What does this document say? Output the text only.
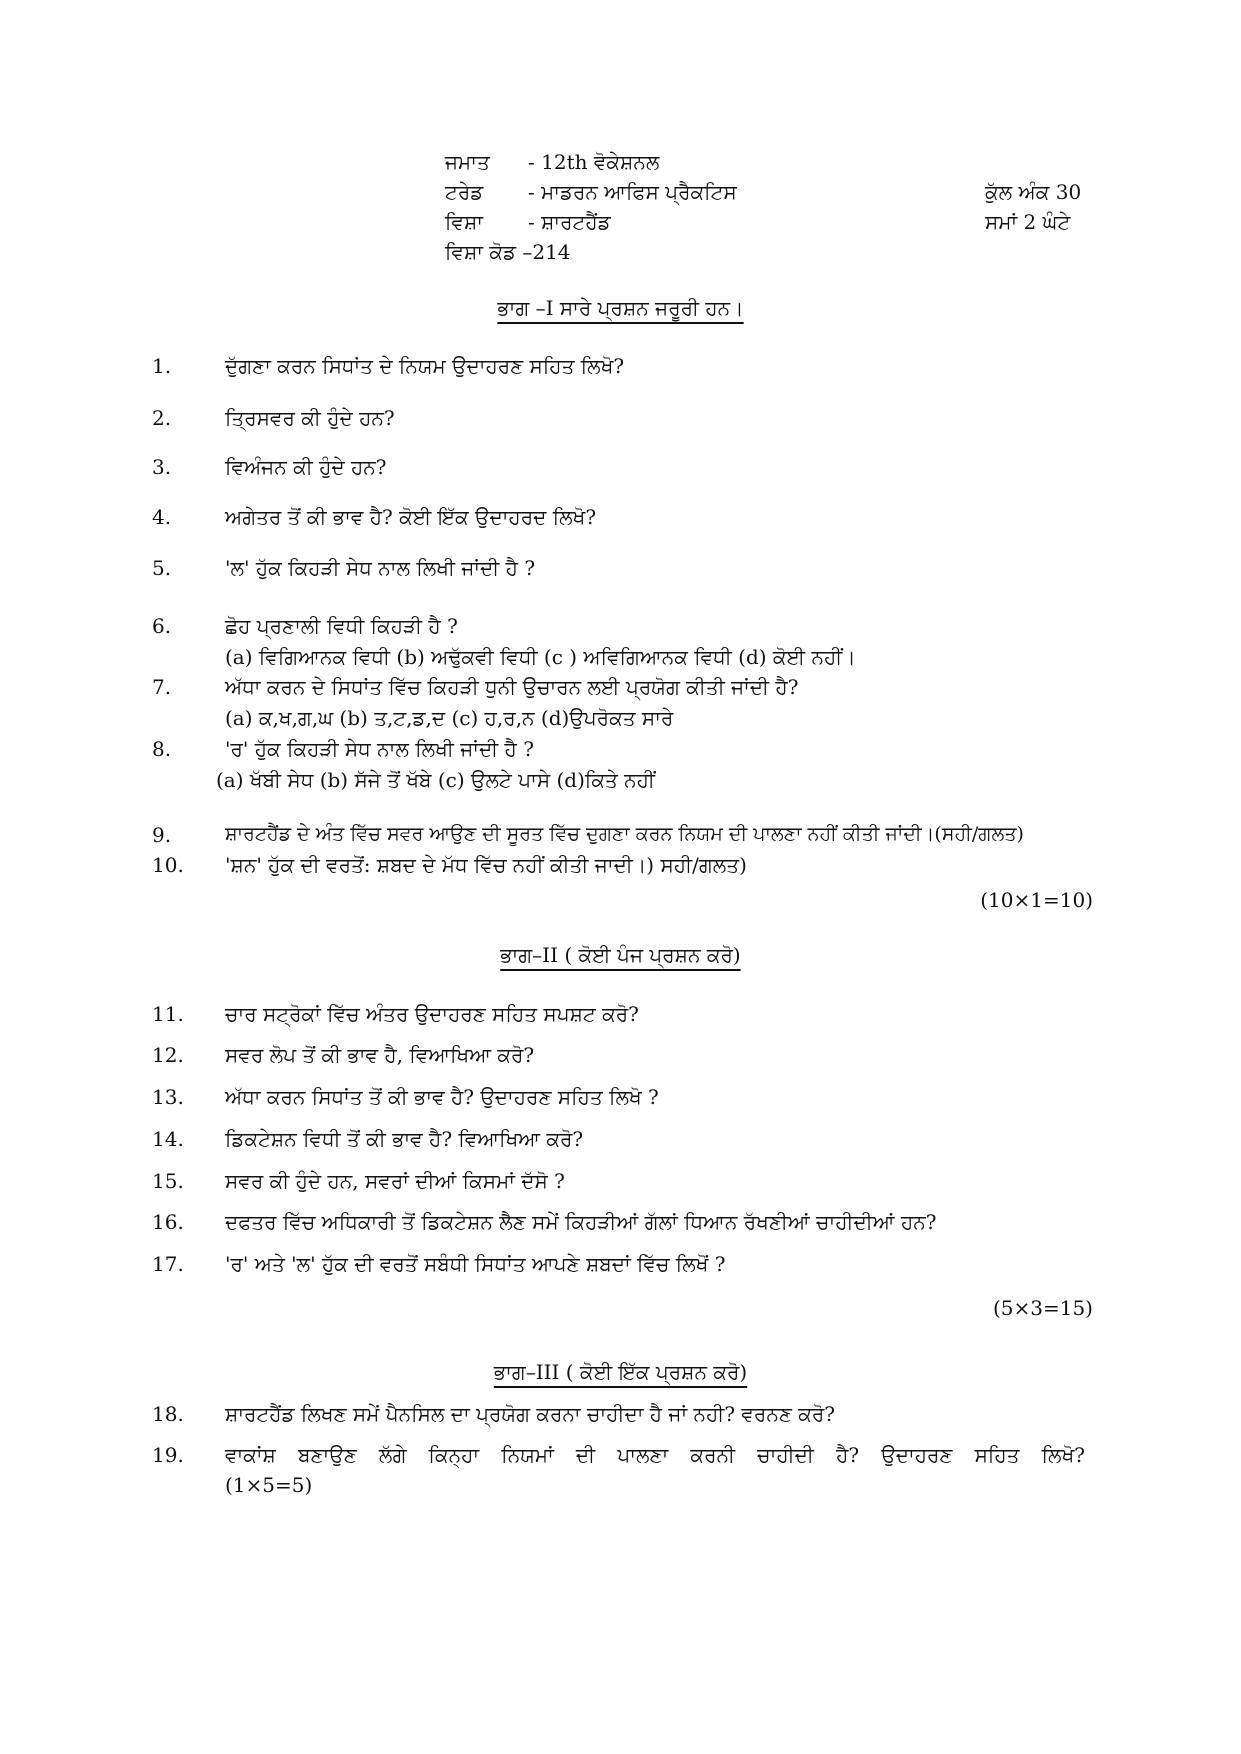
ਜਮਾਤ - 12th ਵੋਕੇਸ਼ਨਲ
ਟਰੇਡ - ਮਾਡਰਨ ਆਫਿਸ ਪ੍ਰੈਕਟਿਸ	ਕੁੱਲ ਅੰਕ 30
ਵਿਸ਼ਾ - ਸ਼ਾਰਟਹੈਂਡ	ਸਮਾਂ 2 ਘੰਟੇ
ਵਿਸ਼ਾ ਕੋਡ –214
ਭਾਗ –I ਸਾਰੇ ਪ੍ਰਸ਼ਨ ਜਰੂਰੀ ਹਨ।
1.	ਦੁੱਗਣਾ ਕਰਨ ਸਿਧਾਂਤ ਦੇ ਨਿਯਮ ਉਦਾਹਰਣ ਸਹਿਤ ਲਿਖੋ?
2.	ਤ੍ਰਿਸਵਰ ਕੀ ਹੁੰਦੇ ਹਨ?
3.	ਵਿਅੰਜਨ ਕੀ ਹੁੰਦੇ ਹਨ?
4.	ਅਗੇਤਰ ਤੋਂ ਕੀ ਭਾਵ ਹੈ? ਕੋਈ ਇੱਕ ਉਦਾਹਰਦ ਲਿਖੋ?
5.	'ਲ' ਹੁੱਕ ਕਿਹੜੀ ਸੇਧ ਨਾਲ ਲਿਖੀ ਜਾਂਦੀ ਹੈ ?
6.	ਛੋਹ ਪ੍ਰਣਾਲੀ ਵਿਧੀ ਕਿਹੜੀ ਹੈ ?
(a) ਵਿਗਿਆਨਕ ਵਿਧੀ (b) ਅਢੁੱਕਵੀ ਵਿਧੀ (c ) ਅਵਿਗਿਆਨਕ ਵਿਧੀ (d) ਕੋਈ ਨਹੀਂ।
7.	ਅੱਧਾ ਕਰਨ ਦੇ ਸਿਧਾਂਤ ਵਿੱਚ ਕਿਹੜੀ ਧੁਨੀ ਉਚਾਰਨ ਲਈ ਪ੍ਰਯੋਗ ਕੀਤੀ ਜਾਂਦੀ ਹੈ?
(a) ਕ,ਖ,ਗ,ਘ (b) ਤ,ਟ,ਡ,ਦ (c) ਹ,ਰ,ਨ (d)ਉਪਰੋਕਤ ਸਾਰੇ
8.	'ਰ' ਹੁੱਕ ਕਿਹੜੀ ਸੇਧ ਨਾਲ ਲਿਖੀ ਜਾਂਦੀ ਹੈ ?
(a) ਖੱਬੀ ਸੇਧ (b) ਸੱਜੇ ਤੋਂ ਖੱਬੇ (c) ਉਲਟੇ ਪਾਸੇ (d)ਕਿਤੇ ਨਹੀਂ
9.	ਸ਼ਾਰਟਹੈਂਡ ਦੇ ਅੰਤ ਵਿੱਚ ਸਵਰ ਆਉਣ ਦੀ ਸੂਰਤ ਵਿੱਚ ਦੁਗਣਾ ਕਰਨ ਨਿਯਮ ਦੀ ਪਾਲਣਾ ਨਹੀਂ ਕੀਤੀ ਜਾਂਦੀ।(ਸਹੀ/ਗਲਤ)
10. 'ਸ਼ਨ' ਹੁੱਕ ਦੀ ਵਰਤੋਂ: ਸ਼ਬਦ ਦੇ ਮੱਧ ਵਿੱਚ ਨਹੀਂ ਕੀਤੀ ਜਾਦੀ।) ਸਹੀ/ਗਲਤ)
(10×1=10)
ਭਾਗ–II ( ਕੋਈ ਪੰਜ ਪ੍ਰਸ਼ਨ ਕਰੋ)
11. ਚਾਰ ਸਟ੍ਰੋਕਾਂ ਵਿੱਚ ਅੰਤਰ ਉਦਾਹਰਣ ਸਹਿਤ ਸਪਸ਼ਟ ਕਰੋ?
12. ਸਵਰ ਲੋਪ ਤੋਂ ਕੀ ਭਾਵ ਹੈ, ਵਿਆਖਿਆ ਕਰੋ?
13. ਅੱਧਾ ਕਰਨ ਸਿਧਾਂਤ ਤੋਂ ਕੀ ਭਾਵ ਹੈ? ਉਦਾਹਰਣ ਸਹਿਤ ਲਿਖੋ ?
14. ਡਿਕਟੇਸ਼ਨ ਵਿਧੀ ਤੋਂ ਕੀ ਭਾਵ ਹੈ? ਵਿਆਖਿਆ ਕਰੋ?
15. ਸਵਰ ਕੀ ਹੁੰਦੇ ਹਨ, ਸਵਰਾਂ ਦੀਆਂ ਕਿਸਮਾਂ ਦੱਸੋ ?
16. ਦਫਤਰ ਵਿੱਚ ਅਧਿਕਾਰੀ ਤੋਂ ਡਿਕਟੇਸ਼ਨ ਲੈਣ ਸਮੇਂ ਕਿਹੜੀਆਂ ਗੱਲਾਂ ਧਿਆਨ ਰੱਖਣੀਆਂ ਚਾਹੀਦੀਆਂ ਹਨ?
17. 'ਰ' ਅਤੇ 'ਲ' ਹੁੱਕ ਦੀ ਵਰਤੋਂ ਸਬੰਧੀ ਸਿਧਾਂਤ ਆਪਣੇ ਸ਼ਬਦਾਂ ਵਿੱਚ ਲਿਖੋਂ ?
(5×3=15)
ਭਾਗ–III ( ਕੋਈ ਇੱਕ ਪ੍ਰਸ਼ਨ ਕਰੋ)
18. ਸ਼ਾਰਟਹੈਂਡ ਲਿਖਣ ਸਮੇਂ ਪੈਨਸਿਲ ਦਾ ਪ੍ਰਯੋਗ ਕਰਨਾ ਚਾਹੀਦਾ ਹੈ ਜਾਂ ਨਹੀ? ਵਰਨਣ ਕਰੋ?
19. ਵਾਕਾਂਸ਼ ਬਣਾਉਣ ਲੱਗੇ ਕਿਨ੍ਹਾ ਨਿਯਮਾਂ ਦੀ ਪਾਲਣਾ ਕਰਨੀ ਚਾਹੀਦੀ ਹੈ? ਉਦਾਹਰਣ ਸਹਿਤ ਲਿਖੋ?
(1×5=5)
